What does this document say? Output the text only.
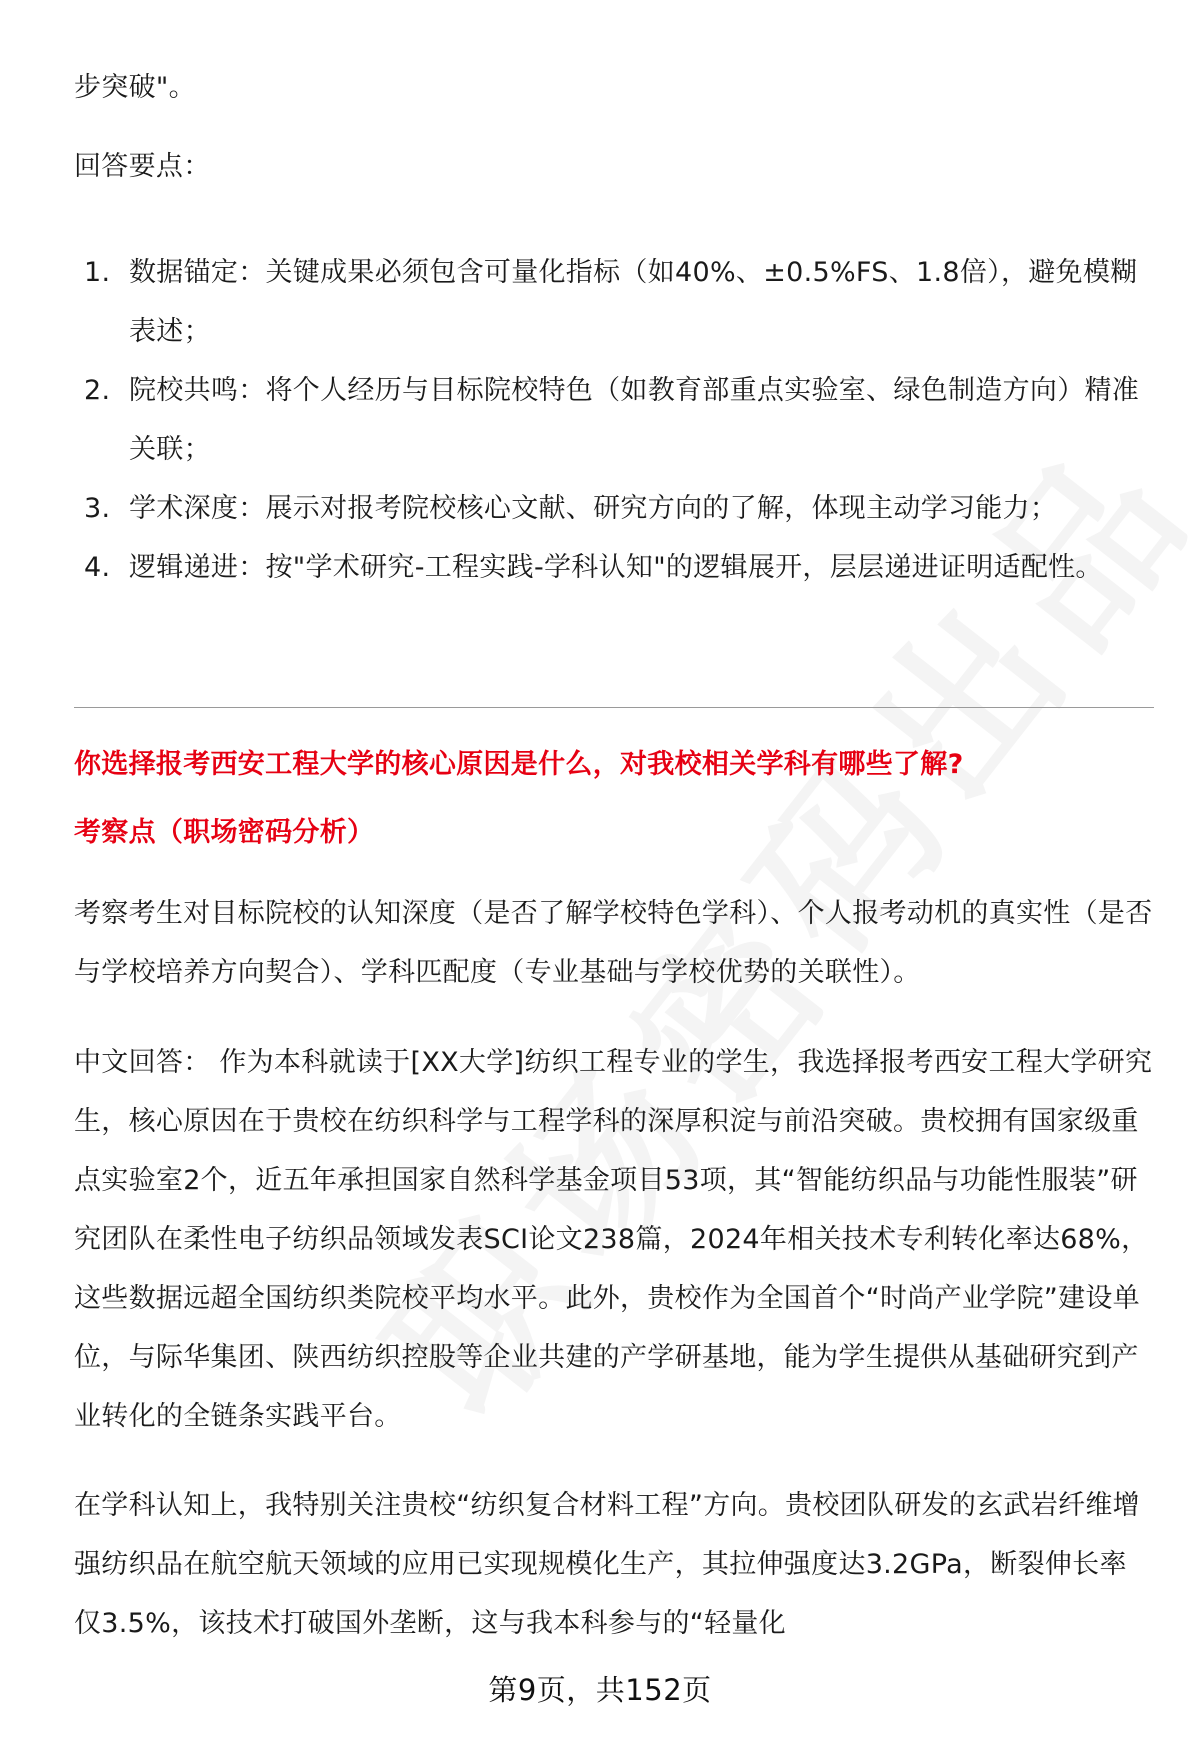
步突破"。

回答要点：

1. 数据锚定：关键成果必须包含可量化指标（如40%、±0.5%FS、1.8倍），避免模糊表述；
2. 院校共鸣：将个人经历与目标院校特色（如教育部重点实验室、绿色制造方向）精准关联；
3. 学术深度：展示对报考院校核心文献、研究方向的了解，体现主动学习能力；
4. 逻辑递进：按"学术研究-工程实践-学科认知"的逻辑展开，层层递进证明适配性。

你选择报考西安工程大学的核心原因是什么，对我校相关学科有哪些了解?

考察点（职场密码分析）

考察考生对目标院校的认知深度（是否了解学校特色学科）、个人报考动机的真实性（是否与学校培养方向契合）、学科匹配度（专业基础与学校优势的关联性）。

中文回答： 作为本科就读于[XX大学]纺织工程专业的学生，我选择报考西安工程大学研究生，核心原因在于贵校在纺织科学与工程学科的深厚积淀与前沿突破。贵校拥有国家级重点实验室2个，近五年承担国家自然科学基金项目53项，其“智能纺织品与功能性服装”研究团队在柔性电子纺织品领域发表SCI论文238篇，2024年相关技术专利转化率达68%，这些数据远超全国纺织类院校平均水平。此外，贵校作为全国首个“时尚产业学院”建设单位，与际华集团、陕西纺织控股等企业共建的产学研基地，能为学生提供从基础研究到产业转化的全链条实践平台。

在学科认知上，我特别关注贵校“纺织复合材料工程”方向。贵校团队研发的玄武岩纤维增强纺织品在航空航天领域的应用已实现规模化生产，其拉伸强度达3.2GPa，断裂伸长率仅3.5%，该技术打破国外垄断，这与我本科参与的“轻量化

第9页，共152页
